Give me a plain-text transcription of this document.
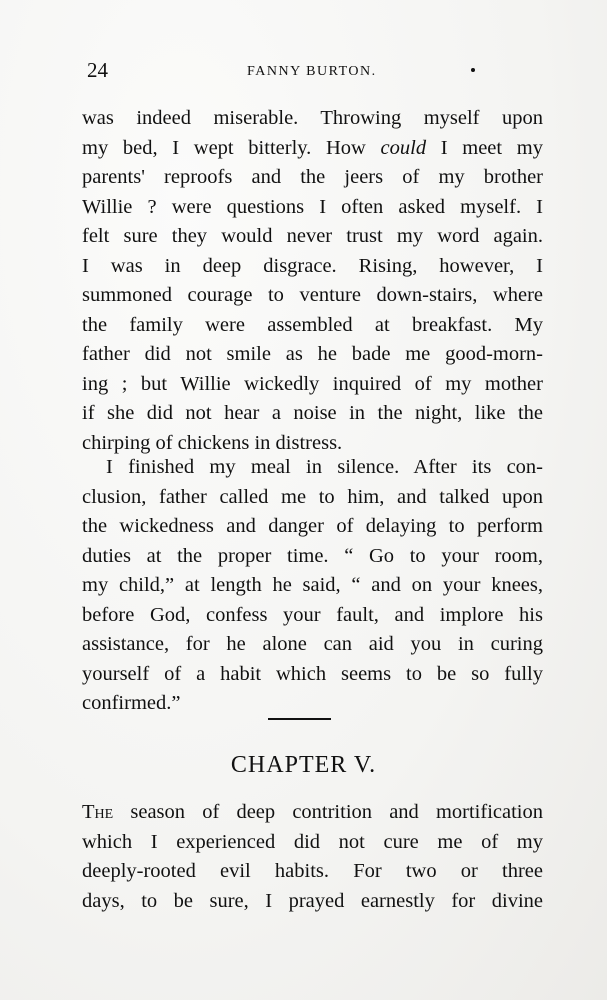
24	FANNY BURTON.
was indeed miserable. Throwing myself upon
my bed, I wept bitterly. How could I meet my
parents' reproofs and the jeers of my brother
Willie ? were questions I often asked myself. I
felt sure they would never trust my word again.
I was in deep disgrace. Rising, however, I
summoned courage to venture down-stairs, where
the family were assembled at breakfast. My
father did not smile as he bade me good-morn-
ing ; but Willie wickedly inquired of my mother
if she did not hear a noise in the night, like the
chirping of chickens in distress.
I finished my meal in silence. After its con-
clusion, father called me to him, and talked upon
the wickedness and danger of delaying to perform
duties at the proper time. “ Go to your room,
my child,” at length he said, “ and on your knees,
before God, confess your fault, and implore his
assistance, for he alone can aid you in curing
yourself of a habit which seems to be so fully
confirmed.”
CHAPTER V.
The season of deep contrition and mortification
which I experienced did not cure me of my
deeply-rooted evil habits. For two or three
days, to be sure, I prayed earnestly for divine
